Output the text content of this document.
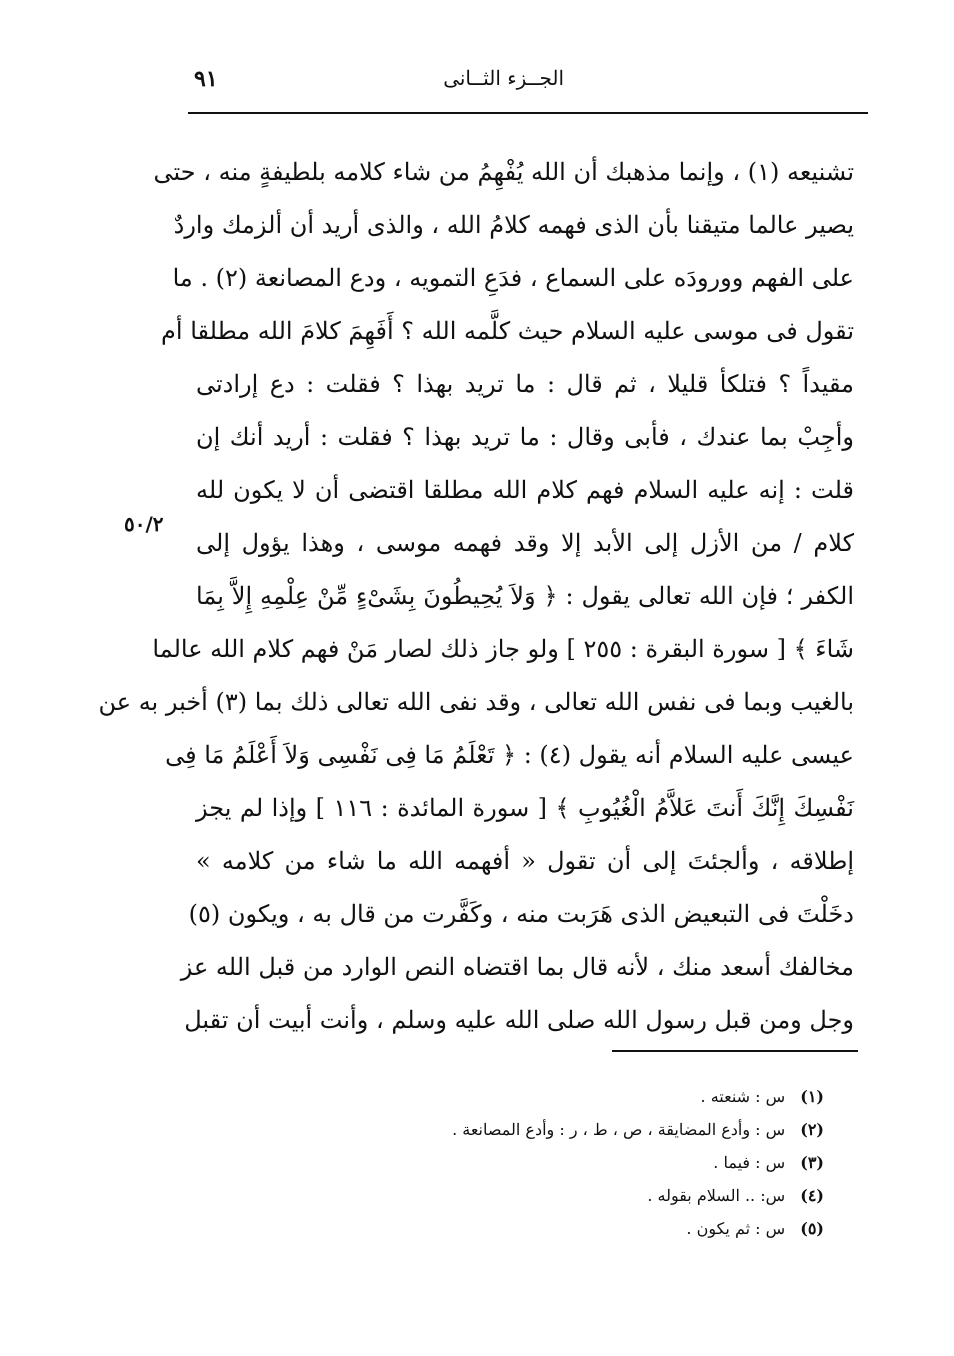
الجــزء الثــانى
٩١
٥٠/٢
تشنيعه (١) ، وإنما مذهبك أن الله يُفْهِمُ من شاء كلامه بلطيفةٍ منه ، حتى
يصير عالما متيقنا بأن الذى فهمه كلامُ الله ، والذى أريد أن ألزمك واردٌ
على الفهم وورودَه على السماع ، فدَعِ التمويه ، ودع المصانعة (٢) . ما
تقول فى موسى عليه السلام حيث كلَّمه الله ؟ أَفَهِمَ كلامَ الله مطلقا أم
مقيداً ؟ فتلكأ قليلا ، ثم قال : ما تريد بهذا ؟ فقلت : دع إرادتى
وأجِبْ بما عندك ، فأبى وقال : ما تريد بهذا ؟ فقلت : أريد أنك إن
قلت : إنه عليه السلام فهم كلام الله مطلقا اقتضى أن لا يكون لله
كلام / من الأزل إلى الأبد إلا وقد فهمه موسى ، وهذا يؤول إلى
الكفر ؛ فإن الله تعالى يقول : ﴿ وَلاَ يُحِيطُونَ بِشَىْءٍ مِّنْ عِلْمِهِ إِلاَّ بِمَا
شَاءَ ﴾ [ سورة البقرة : ٢٥٥ ] ولو جاز ذلك لصار مَنْ فهم كلام الله عالما
بالغيب وبما فى نفس الله تعالى ، وقد نفى الله تعالى ذلك بما (٣) أخبر به عن
عيسى عليه السلام أنه يقول (٤) : ﴿ تَعْلَمُ مَا فِى نَفْسِى وَلاَ أَعْلَمُ مَا فِى
نَفْسِكَ إِنَّكَ أَنتَ عَلاَّمُ الْغُيُوبِ ﴾ [ سورة المائدة : ١١٦ ] وإذا لم يجز
إطلاقه ، وألجئتَ إلى أن تقول « أفهمه الله ما شاء من كلامه »
دخَلْتَ فى التبعيض الذى هَرَبت منه ، وكَفَّرت من قال به ، ويكون (٥)
مخالفك أسعد منك ، لأنه قال بما اقتضاه النص الوارد من قبل الله عز
وجل ومن قبل رسول الله صلى الله عليه وسلم ، وأنت أبيت أن تقبل
(١) س : شنعته .
(٢) س : وأدع المضايقة ، ص ، ط ، ر : وأدع المصانعة .
(٣) س : فيما .
(٤) س: .. السلام بقوله .
(٥) س : ثم يكون .
